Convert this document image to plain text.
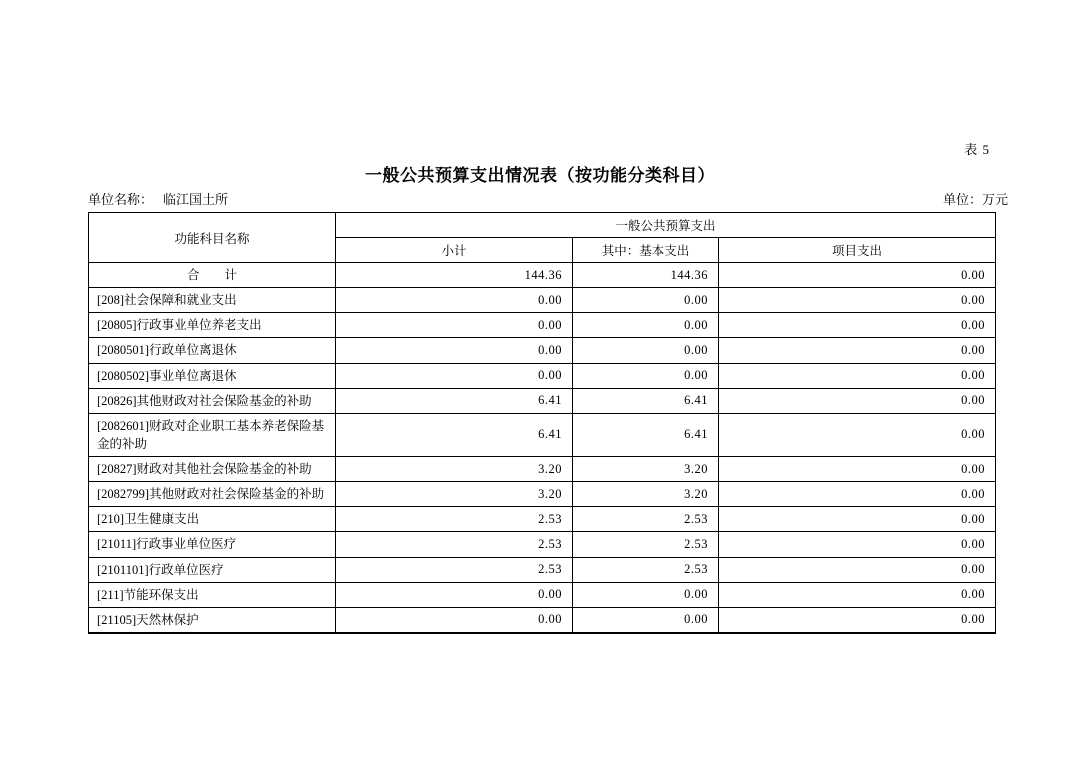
表 5
一般公共预算支出情况表（按功能分类科目）
单位名称： 临江国土所	单位：万元
功能科目名称	一般公共预算支出		
	小计	其中：基本支出	项目支出
合　　计	144.36	144.36	0.00
[208]社会保障和就业支出	0.00	0.00	0.00
[20805]行政事业单位养老支出	0.00	0.00	0.00
[2080501]行政单位离退休	0.00	0.00	0.00
[2080502]事业单位离退休	0.00	0.00	0.00
[20826]其他财政对社会保险基金的补助	6.41	6.41	0.00
[2082601]财政对企业职工基本养老保险基金的补助	6.41	6.41	0.00
[20827]财政对其他社会保险基金的补助	3.20	3.20	0.00
[2082799]其他财政对社会保险基金的补助	3.20	3.20	0.00
[210]卫生健康支出	2.53	2.53	0.00
[21011]行政事业单位医疗	2.53	2.53	0.00
[2101101]行政单位医疗	2.53	2.53	0.00
[211]节能环保支出	0.00	0.00	0.00
[21105]天然林保护	0.00	0.00	0.00
